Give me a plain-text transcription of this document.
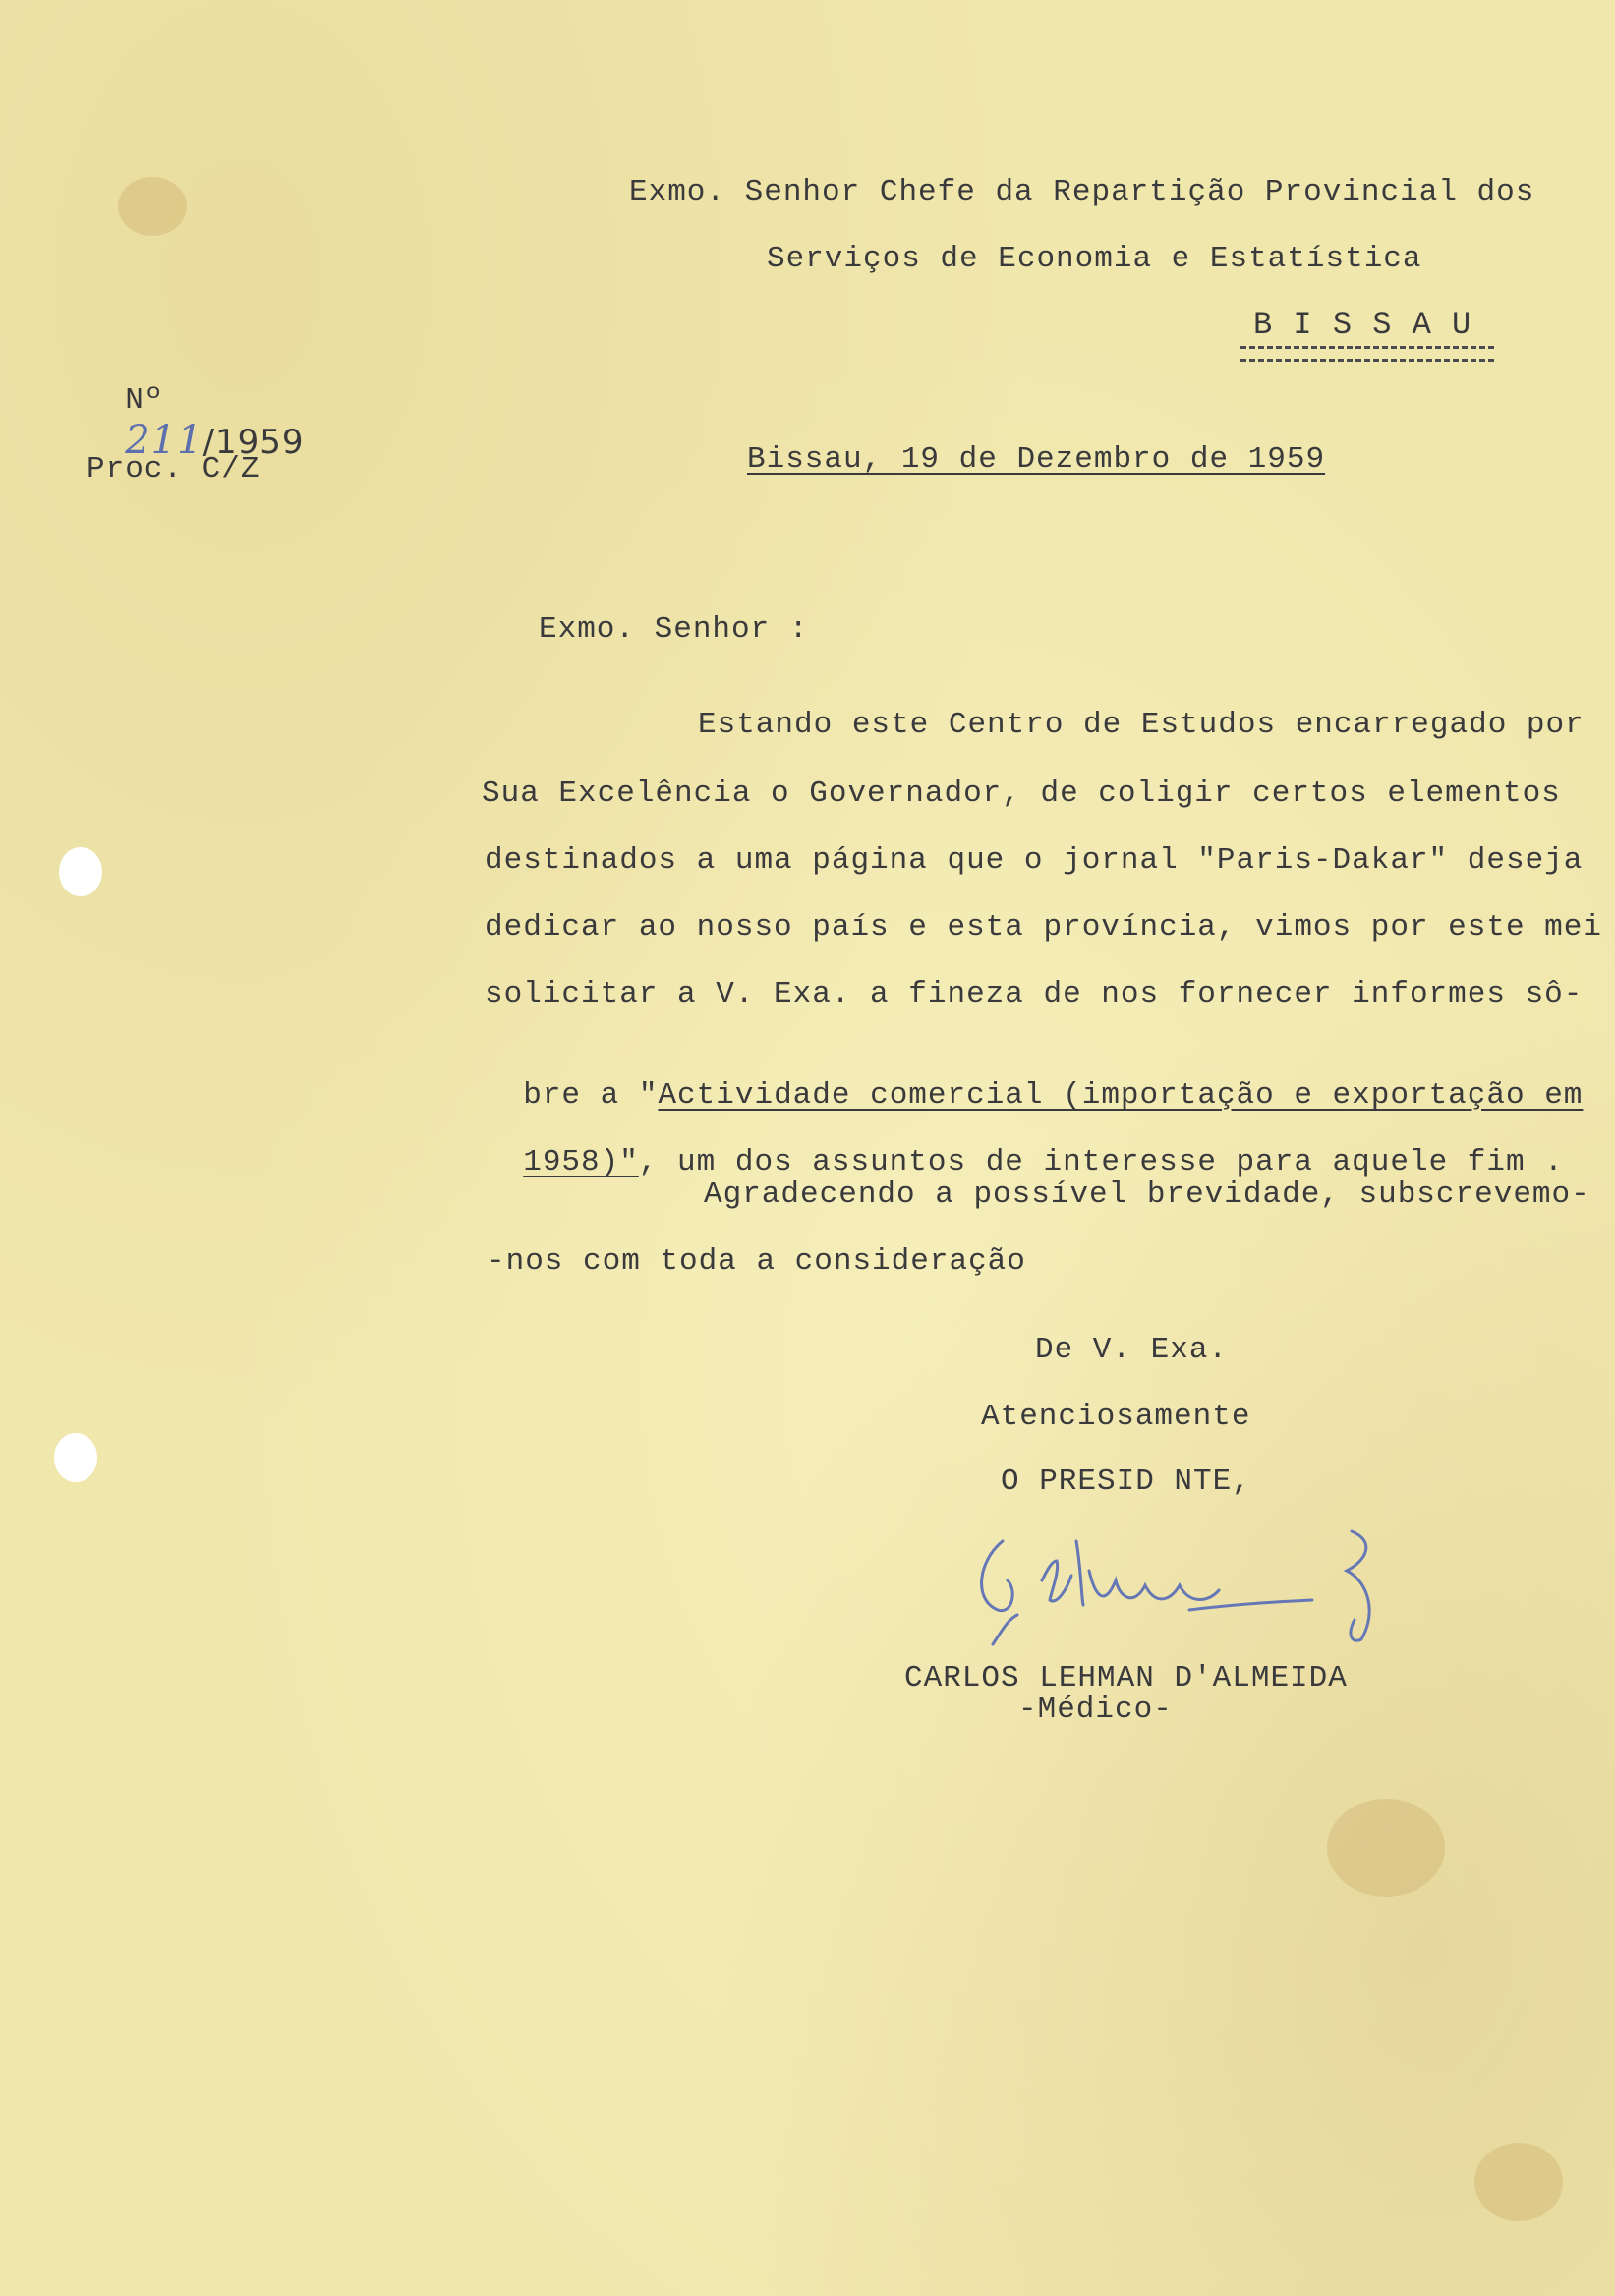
Exmo. Senhor Chefe da Repartição Provincial dos
Serviços de Economia e Estatística
B I S S A U

Nº
211/1959

Proc. C/Z	Bissau, 19 de Dezembro de 1959
Exmo. Senhor :
Estando este Centro de Estudos encarregado por
Sua Excelência o Governador, de coligir certos elementos
destinados a uma página que o jornal "Paris-Dakar" deseja
dedicar ao nosso país e esta província, vimos por este mei
solicitar a V. Exa. a fineza de nos fornecer informes sô-

bre a "Actividade comercial (importação e exportação em

1958)", um dos assuntos de interesse para aquele fim .

Agradecendo a possível brevidade, subscrevemo-
-nos com toda a consideração
De V. Exa.
Atenciosamente
O PRESID NTE,
CARLOS LEHMAN D'ALMEIDA
-Médico-
